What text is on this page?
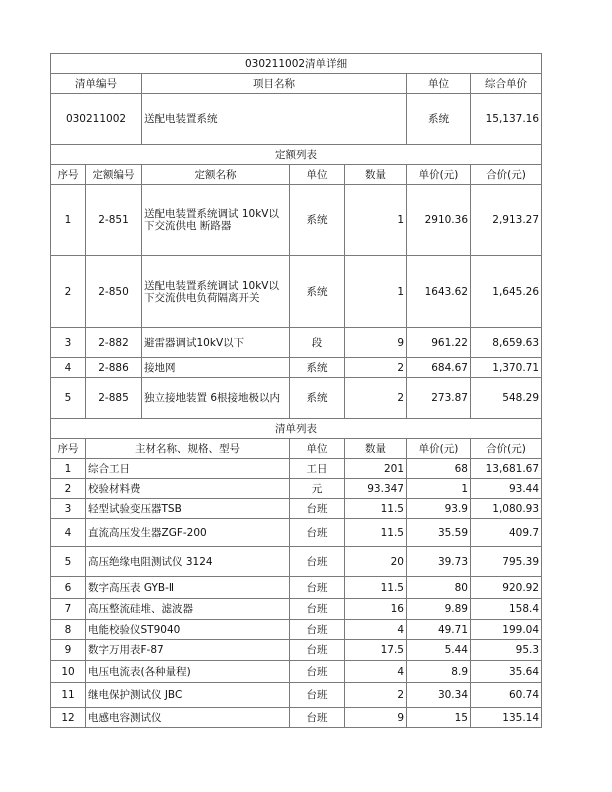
030211002清单详细						
清单编号		项目名称			单位	综合单价
030211002		送配电装置系统			系统	15,137.16
定额列表						
序号	定额编号	定额名称	单位	数量	单价(元)	合价(元)
1	2-851	送配电装置系统调试 10kV以下交流供电 断路器	系统	1	2910.36	2,913.27
2	2-850	送配电装置系统调试 10kV以下交流供电负荷隔离开关	系统	1	1643.62	1,645.26
3	2-882	避雷器调试10kV以下	段	9	961.22	8,659.63
4	2-886	接地网	系统	2	684.67	1,370.71
5	2-885	独立接地装置 6根接地极以内	系统	2	273.87	548.29
清单列表						
序号	主材名称、规格、型号		单位	数量	单价(元)	合价(元)
1	综合工日		工日	201	68	13,681.67
2	校验材料费		元	93.347	1	93.44
3	轻型试验变压器TSB		台班	11.5	93.9	1,080.93
4	直流高压发生器ZGF-200		台班	11.5	35.59	409.7
5	高压绝缘电阻测试仪 3124		台班	20	39.73	795.39
6	数字高压表 GYB-Ⅱ		台班	11.5	80	920.92
7	高压整流硅堆、滤波器		台班	16	9.89	158.4
8	电能校验仪ST9040		台班	4	49.71	199.04
9	数字万用表F-87		台班	17.5	5.44	95.3
10	电压电流表(各种量程)		台班	4	8.9	35.64
11	继电保护测试仪 JBC		台班	2	30.34	60.74
12	电感电容测试仪		台班	9	15	135.14
